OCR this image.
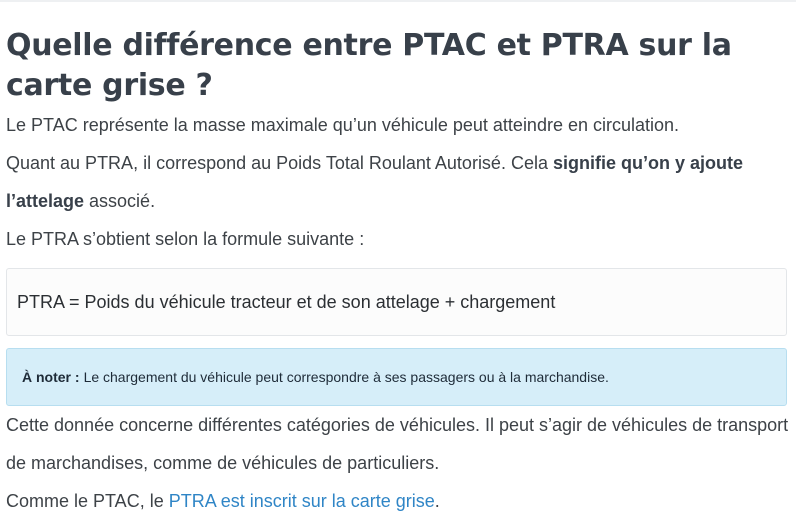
Quelle différence entre PTAC et PTRA sur la carte grise ?

Le PTAC représente la masse maximale qu’un véhicule peut atteindre en circulation.

Quant au PTRA, il correspond au Poids Total Roulant Autorisé. Cela signifie qu’on y ajoute l’attelage associé.

Le PTRA s’obtient selon la formule suivante :

PTRA = Poids du véhicule tracteur et de son attelage + chargement
À noter : Le chargement du véhicule peut correspondre à ses passagers ou à la marchandise.

Cette donnée concerne différentes catégories de véhicules. Il peut s’agir de véhicules de transport de marchandises, comme de véhicules de particuliers.

Comme le PTAC, le PTRA est inscrit sur la carte grise.
